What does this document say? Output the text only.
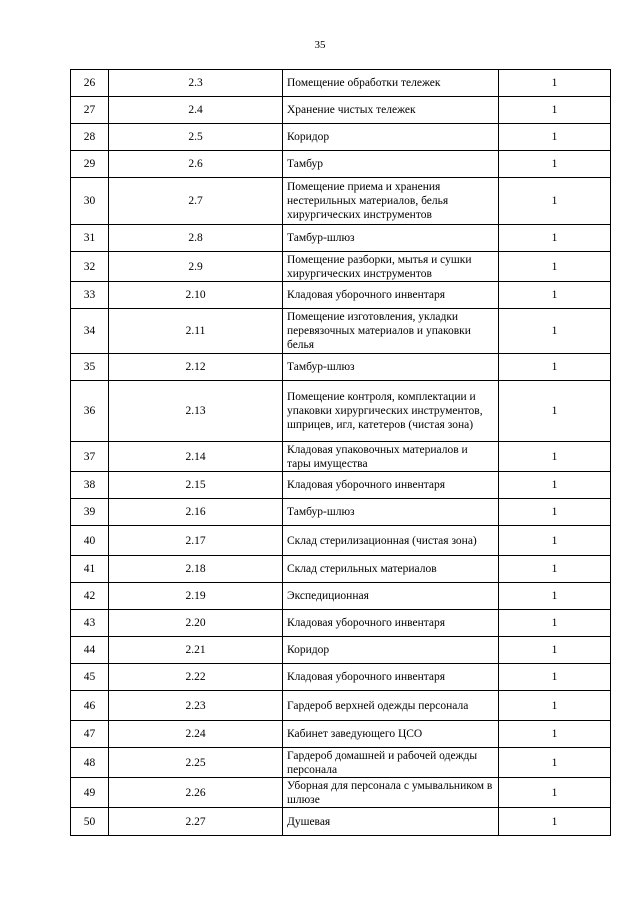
35
26	2.3	Помещение обработки тележек	1
27	2.4	Хранение чистых тележек	1
28	2.5	Коридор	1
29	2.6	Тамбур	1
30	2.7	Помещение приема и хранения нестерильных материалов, белья хирургических инструментов	1
31	2.8	Тамбур-шлюз	1
32	2.9	Помещение разборки, мытья и сушки хирургических инструментов	1
33	2.10	Кладовая уборочного инвентаря	1
34	2.11	Помещение изготовления, укладки перевязочных материалов и упаковки белья	1
35	2.12	Тамбур-шлюз	1
36	2.13	Помещение контроля, комплектации и упаковки хирургических инструментов, шприцев, игл, катетеров (чистая зона)	1
37	2.14	Кладовая упаковочных материалов и тары имущества	1
38	2.15	Кладовая уборочного инвентаря	1
39	2.16	Тамбур-шлюз	1
40	2.17	Склад стерилизационная (чистая зона)	1
41	2.18	Склад стерильных материалов	1
42	2.19	Экспедиционная	1
43	2.20	Кладовая уборочного инвентаря	1
44	2.21	Коридор	1
45	2.22	Кладовая уборочного инвентаря	1
46	2.23	Гардероб верхней одежды персонала	1
47	2.24	Кабинет заведующего ЦСО	1
48	2.25	Гардероб домашней и рабочей одежды персонала	1
49	2.26	Уборная для персонала с умывальником в шлюзе	1
50	2.27	Душевая	1
